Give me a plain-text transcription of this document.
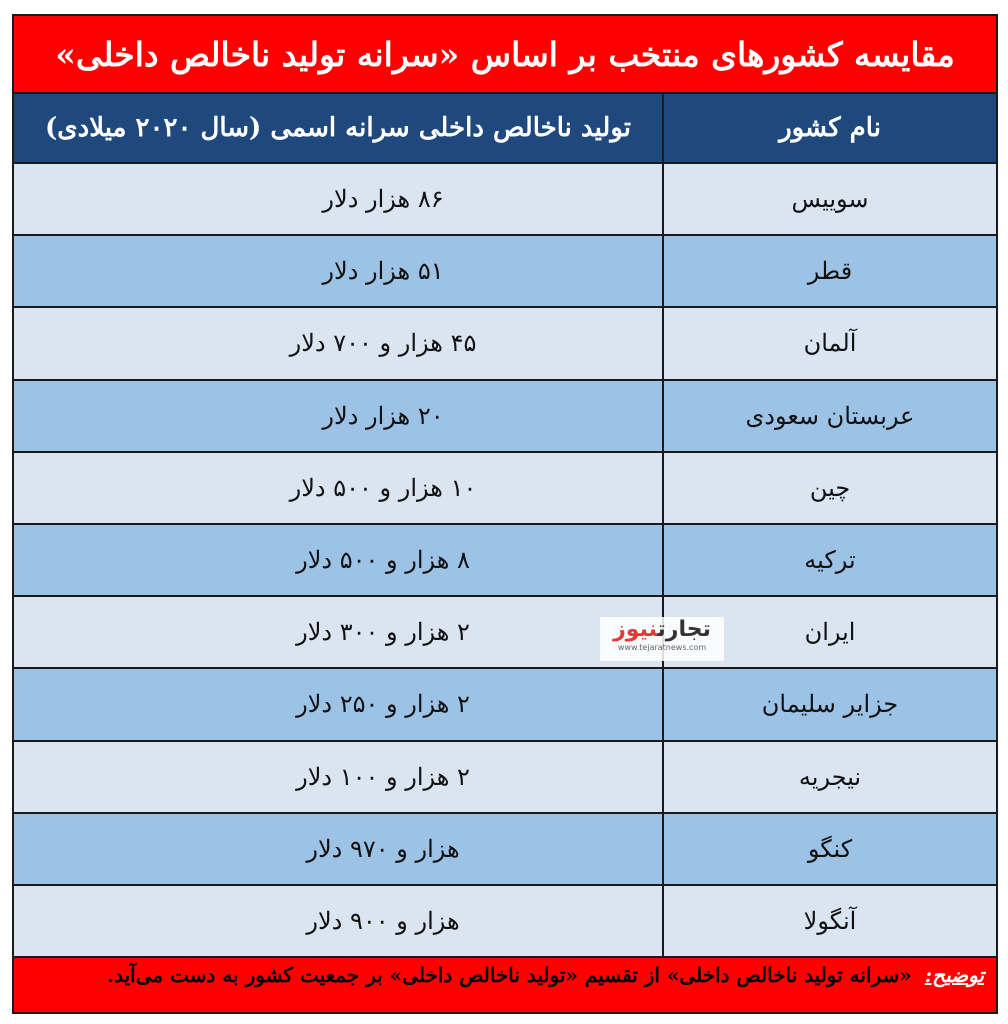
مقایسه کشورهای منتخب بر اساس «سرانه تولید ناخالص داخلی»
نام کشور
تولید ناخالص داخلی سرانه اسمی (سال ۲۰۲۰ میلادی)
سوییس
۸۶ هزار دلار
قطر
۵۱ هزار دلار
آلمان
۴۵ هزار و ۷۰۰ دلار
عربستان سعودی
۲۰ هزار دلار
چین
۱۰ هزار و ۵۰۰ دلار
ترکیه
۸ هزار و ۵۰۰ دلار
ایران
۲ هزار و ۳۰۰ دلار
جزایر سلیمان
۲ هزار و ۲۵۰ دلار
نیجریه
۲ هزار و ۱۰۰ دلار
کنگو
هزار و ۹۷۰ دلار
آنگولا
هزار و ۹۰۰ دلار
توضیح: «سرانه تولید ناخالص داخلی» از تقسیم «تولید ناخالص داخلی» بر جمعیت کشور به دست می‌آید.
تجارتنیوز
www.tejaratnews.com
